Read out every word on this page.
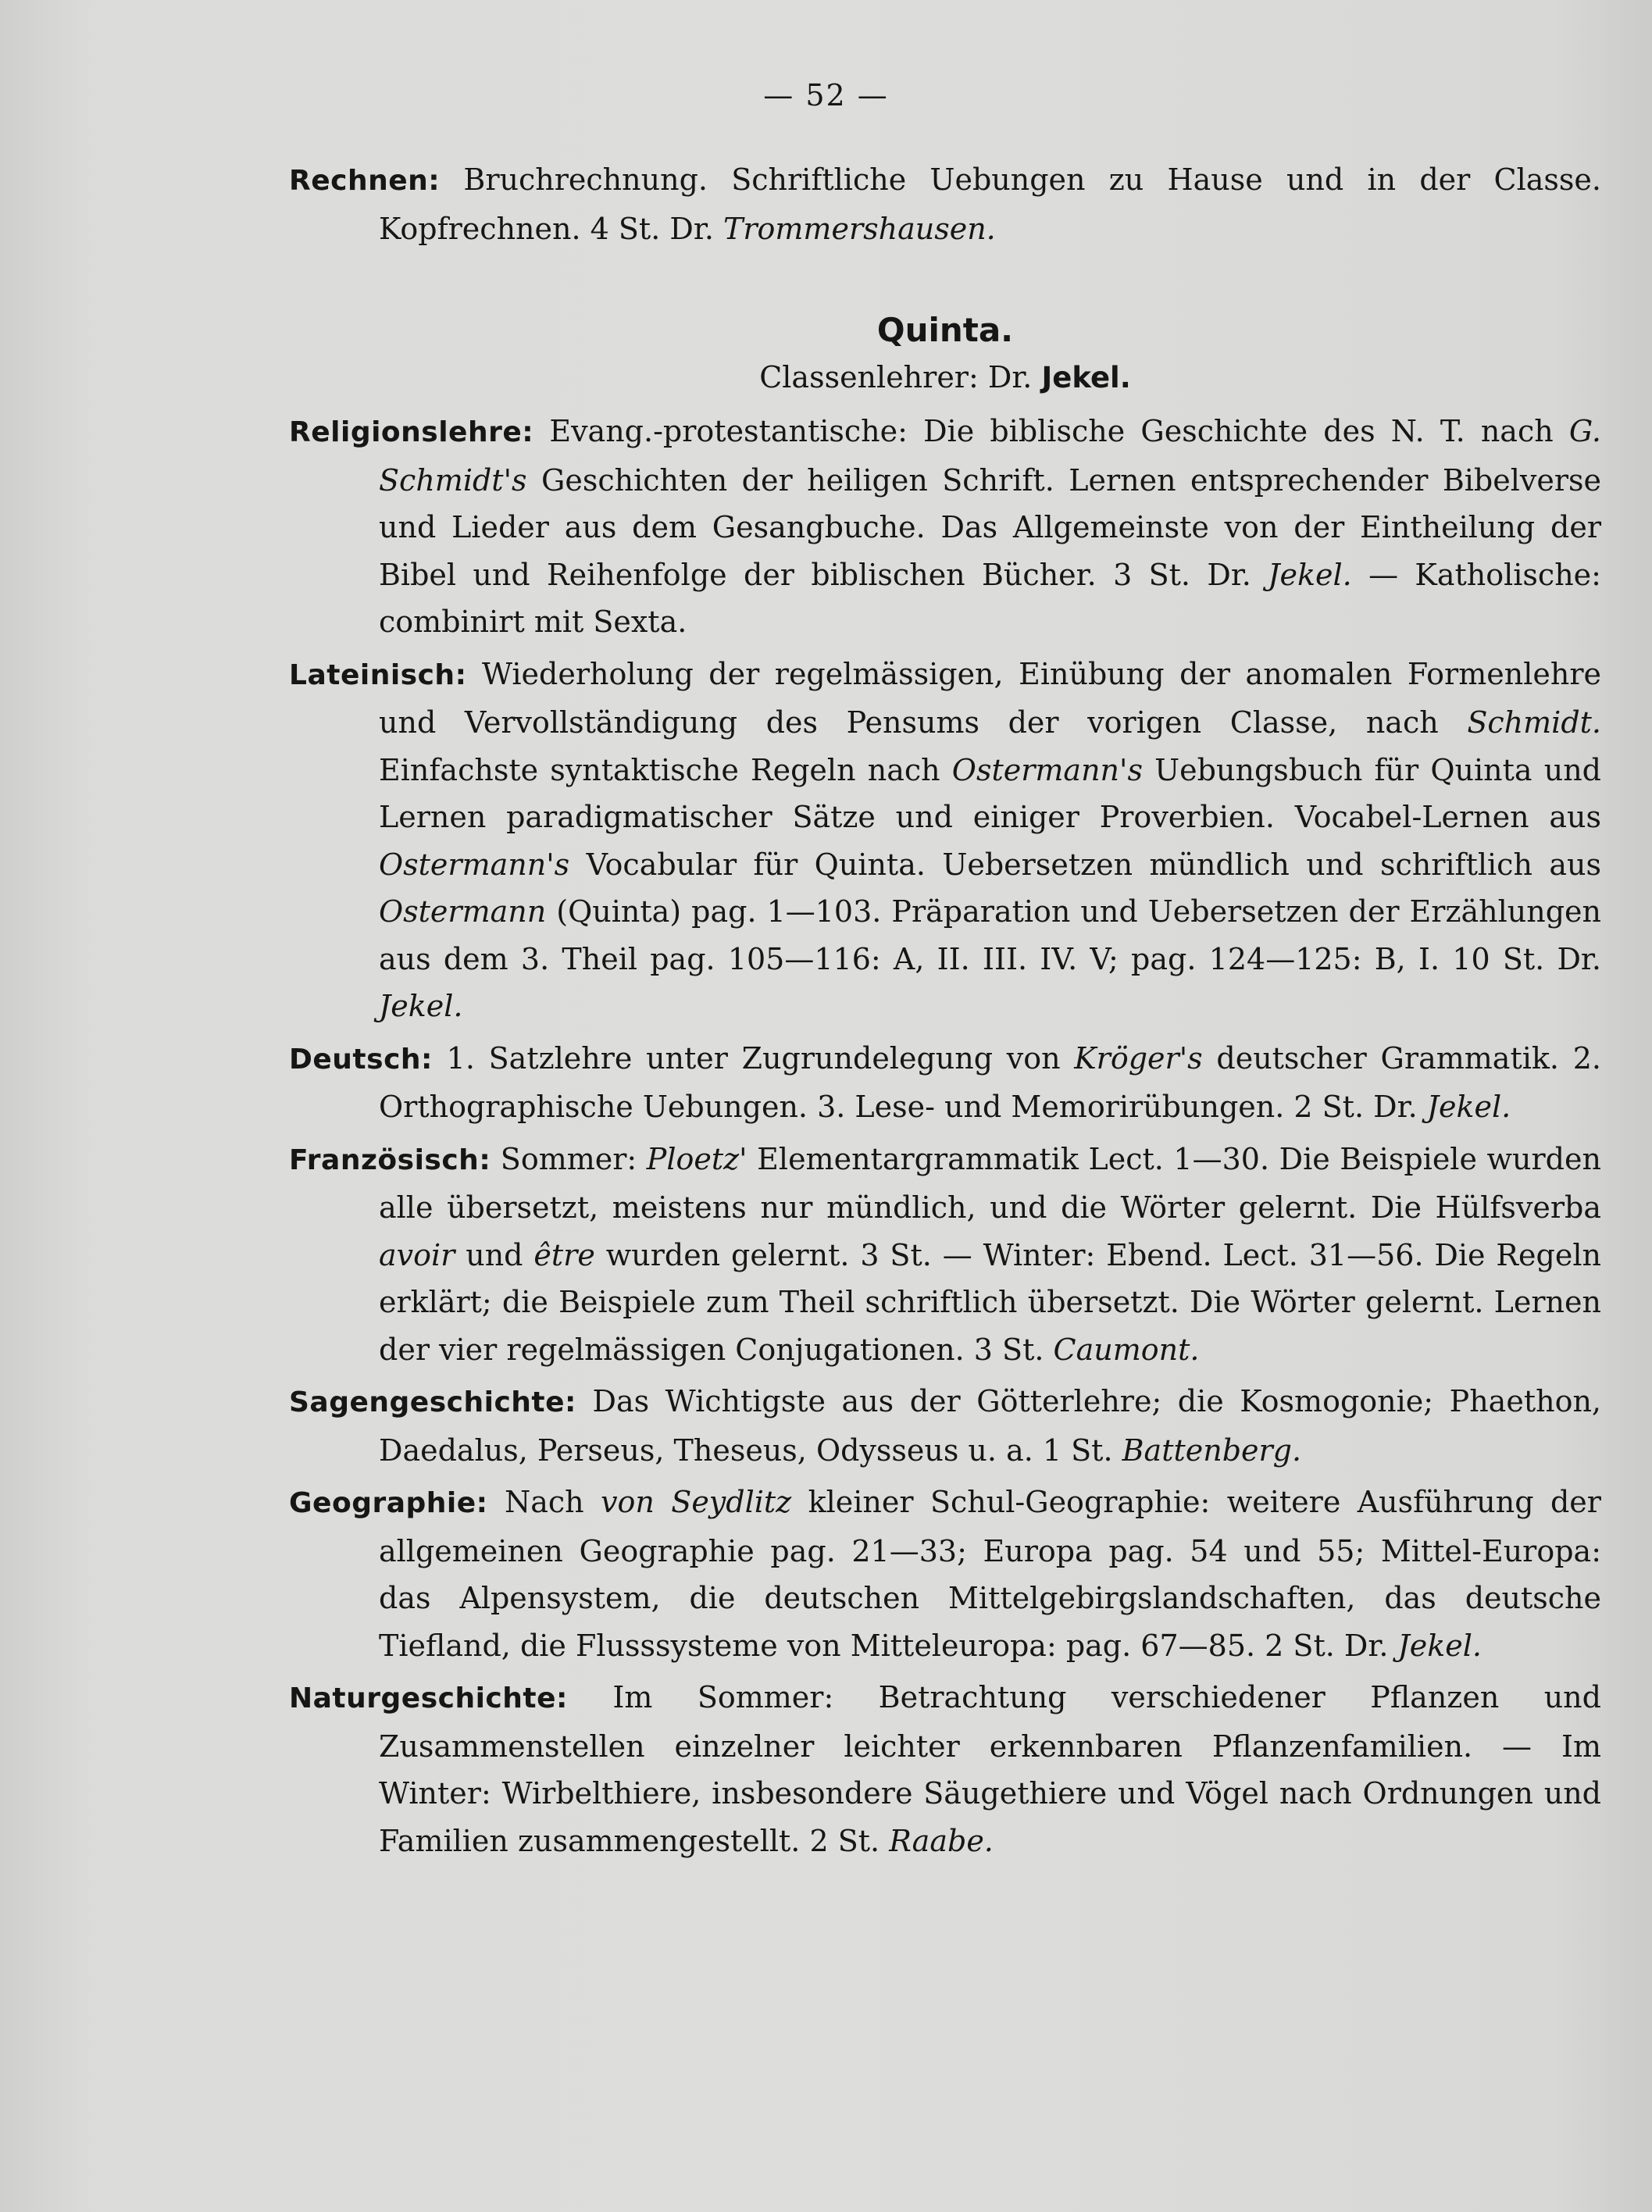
— 52 —

Rechnen: Bruchrechnung. Schriftliche Uebungen zu Hause und in der Classe. Kopfrechnen. 4 St. Dr. Trommershausen.

Quinta.
Classenlehrer: Dr. Jekel.

Religionslehre: Evang.-protestantische: Die biblische Geschichte des N. T. nach G. Schmidt's Geschichten der heiligen Schrift. Lernen entsprechender Bibelverse und Lieder aus dem Gesangbuche. Das Allgemeinste von der Eintheilung der Bibel und Reihenfolge der biblischen Bücher. 3 St. Dr. Jekel. — Katholische: combinirt mit Sexta.

Lateinisch: Wiederholung der regelmässigen, Einübung der anomalen Formenlehre und Vervollständigung des Pensums der vorigen Classe, nach Schmidt. Einfachste syntaktische Regeln nach Ostermann's Uebungsbuch für Quinta und Lernen paradigmatischer Sätze und einiger Proverbien. Vocabel-Lernen aus Ostermann's Vocabular für Quinta. Uebersetzen mündlich und schriftlich aus Ostermann (Quinta) pag. 1—103. Präparation und Uebersetzen der Erzählungen aus dem 3. Theil pag. 105—116: A, II. III. IV. V; pag. 124—125: B, I. 10 St. Dr. Jekel.

Deutsch: 1. Satzlehre unter Zugrundelegung von Kröger's deutscher Grammatik. 2. Orthographische Uebungen. 3. Lese- und Memorirübungen. 2 St. Dr. Jekel.

Französisch: Sommer: Ploetz' Elementargrammatik Lect. 1—30. Die Beispiele wurden alle übersetzt, meistens nur mündlich, und die Wörter gelernt. Die Hülfsverba avoir und être wurden gelernt. 3 St. — Winter: Ebend. Lect. 31—56. Die Regeln erklärt; die Beispiele zum Theil schriftlich übersetzt. Die Wörter gelernt. Lernen der vier regelmässigen Conjugationen. 3 St. Caumont.

Sagengeschichte: Das Wichtigste aus der Götterlehre; die Kosmogonie; Phaethon, Daedalus, Perseus, Theseus, Odysseus u. a. 1 St. Battenberg.

Geographie: Nach von Seydlitz kleiner Schul-Geographie: weitere Ausführung der allgemeinen Geographie pag. 21—33; Europa pag. 54 und 55; Mittel-Europa: das Alpensystem, die deutschen Mittelgebirgslandschaften, das deutsche Tiefland, die Flusssysteme von Mitteleuropa: pag. 67—85. 2 St. Dr. Jekel.

Naturgeschichte: Im Sommer: Betrachtung verschiedener Pflanzen und Zusammenstellen einzelner leichter erkennbaren Pflanzenfamilien. — Im Winter: Wirbelthiere, insbesondere Säugethiere und Vögel nach Ordnungen und Familien zusammengestellt. 2 St. Raabe.
